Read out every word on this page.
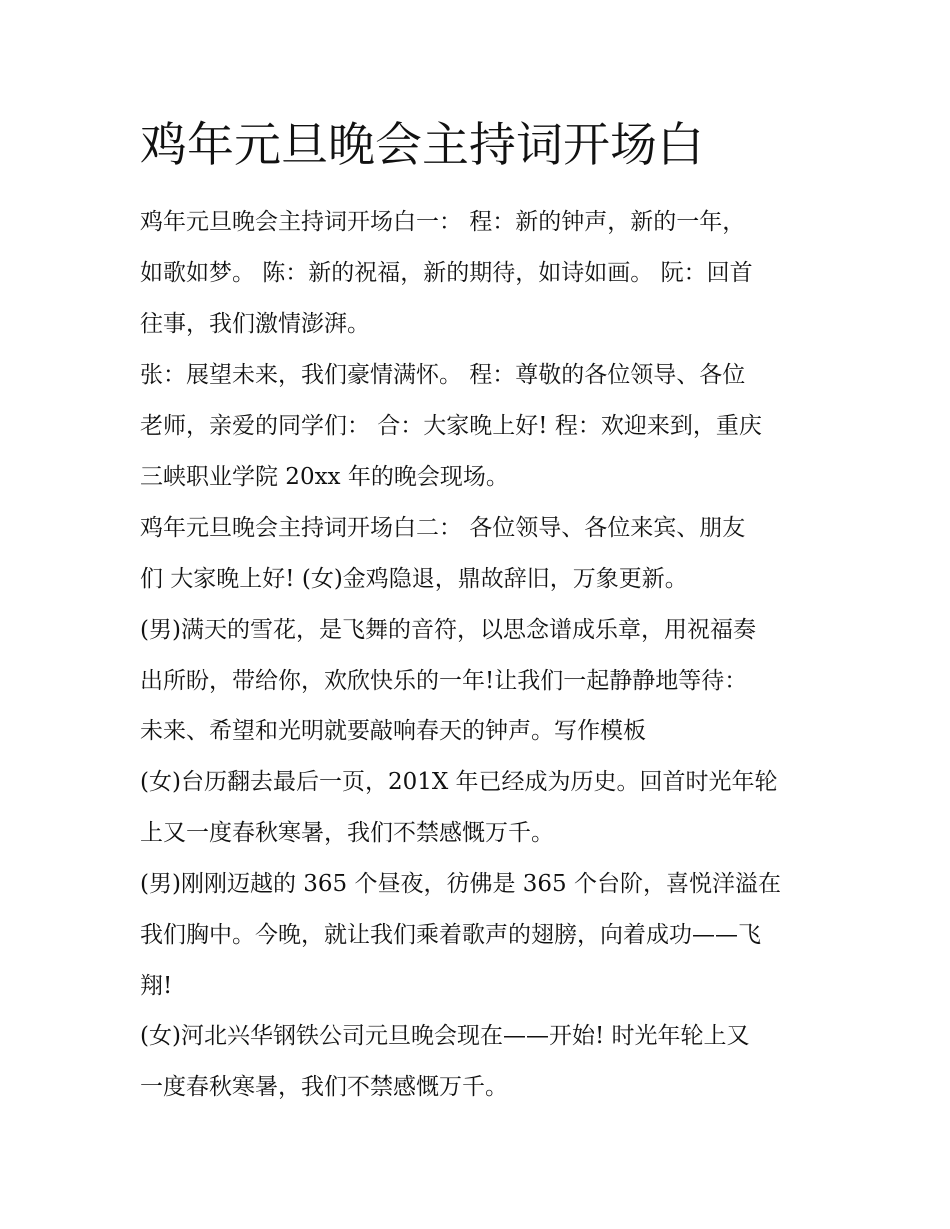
鸡年元旦晚会主持词开场白

鸡年元旦晚会主持词开场白一： 程：新的钟声，新的一年，

如歌如梦。 陈：新的祝福，新的期待，如诗如画。 阮：回首

往事，我们激情澎湃。

张：展望未来，我们豪情满怀。 程：尊敬的各位领导、各位

老师，亲爱的同学们： 合：大家晚上好! 程：欢迎来到，重庆

三峡职业学院 20xx 年的晚会现场。

鸡年元旦晚会主持词开场白二： 各位领导、各位来宾、朋友

们 大家晚上好! (女)金鸡隐退，鼎故辞旧，万象更新。

(男)满天的雪花，是飞舞的音符，以思念谱成乐章，用祝福奏

出所盼，带给你，欢欣快乐的一年!让我们一起静静地等待：

未来、希望和光明就要敲响春天的钟声。写作模板

(女)台历翻去最后一页，201X 年已经成为历史。回首时光年轮

上又一度春秋寒暑，我们不禁感慨万千。

(男)刚刚迈越的 365 个昼夜，彷佛是 365 个台阶，喜悦洋溢在

我们胸中。今晚，就让我们乘着歌声的翅膀，向着成功——飞

翔!

(女)河北兴华钢铁公司元旦晚会现在——开始! 时光年轮上又

一度春秋寒暑，我们不禁感慨万千。
